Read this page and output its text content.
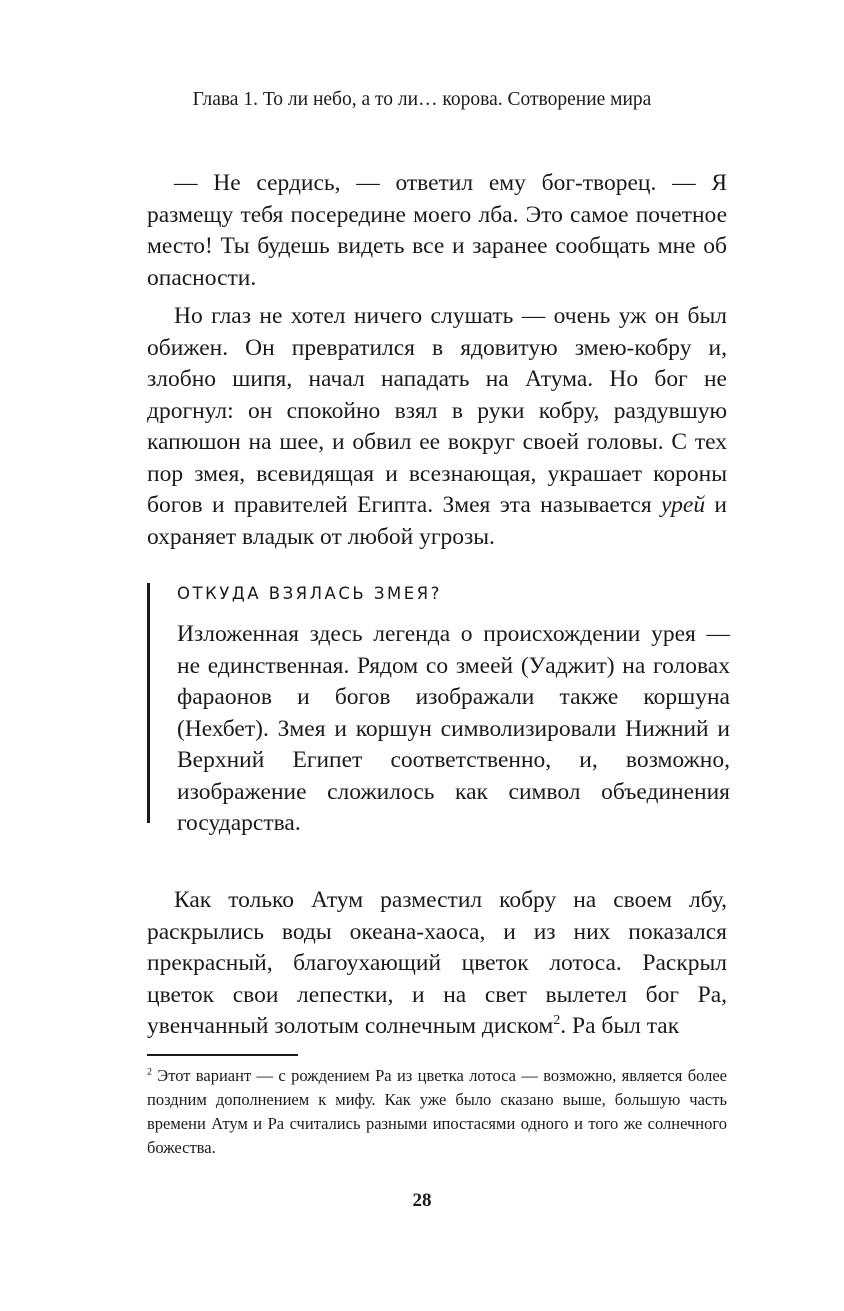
Глава 1. То ли небо, а то ли… корова. Сотворение мира

— Не сердись, — ответил ему бог-творец. — Я размещу тебя посередине моего лба. Это самое почетное место! Ты будешь видеть все и заранее сообщать мне об опасности.

Но глаз не хотел ничего слушать — очень уж он был обижен. Он превратился в ядовитую змею-кобру и, злобно шипя, начал нападать на Атума. Но бог не дрогнул: он спокойно взял в руки кобру, раздувшую капюшон на шее, и обвил ее вокруг своей головы. С тех пор змея, всевидящая и всезнающая, украшает короны богов и правителей Египта. Змея эта называется урей и охраняет владык от любой угрозы.

ОТКУДА ВЗЯЛАСЬ ЗМЕЯ?
Изложенная здесь легенда о происхождении урея — не единственная. Рядом со змеей (Уаджит) на головах фараонов и богов изображали также коршуна (Нехбет). Змея и коршун символизировали Нижний и Верхний Египет соответственно, и, возможно, изображение сложилось как символ объединения государства.

Как только Атум разместил кобру на своем лбу, раскрылись воды океана-хаоса, и из них показался прекрасный, благоухающий цветок лотоса. Раскрыл цветок свои лепестки, и на свет вылетел бог Ра, увенчанный золотым солнечным диском$^2$. Ра был так

$^2$ Этот вариант — с рождением Ра из цветка лотоса — возможно, является более поздним дополнением к мифу. Как уже было сказано выше, большую часть времени Атум и Ра считались разными ипостасями одного и того же солнечного божества.
28
